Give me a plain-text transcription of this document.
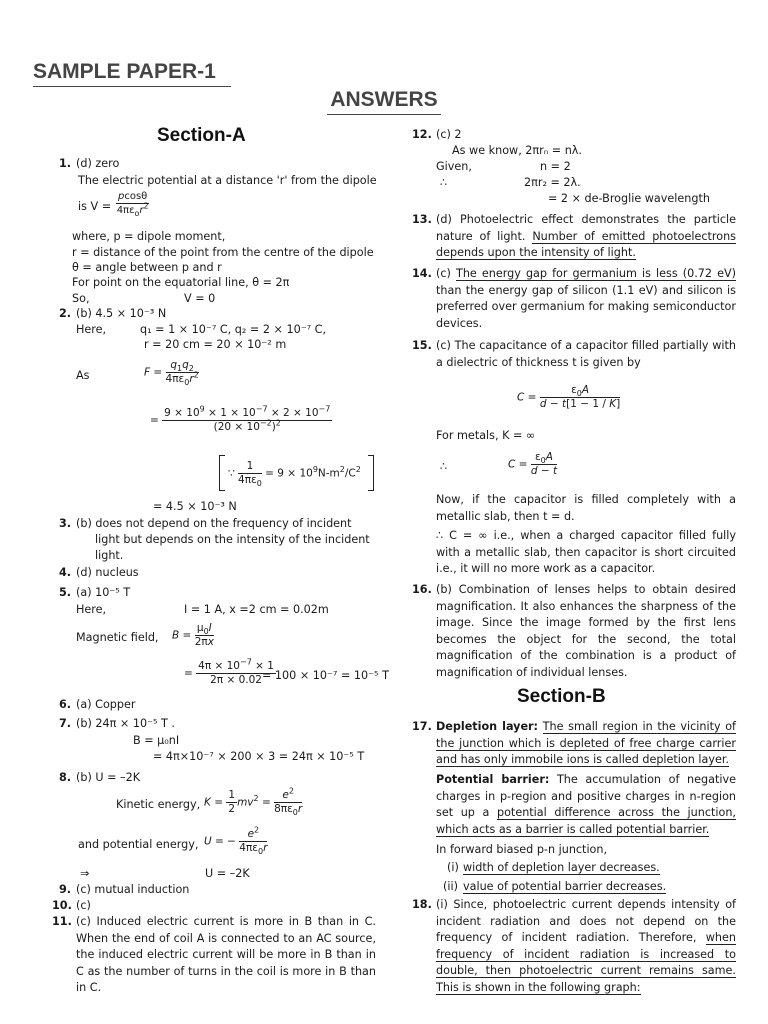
SAMPLE PAPER-1
ANSWERS
Section-A
1. (d) zero
The electric potential at a distance 'r' from the dipole
is V =
pcosθ
$4\pi\varepsilon_or^2$
where, p = dipole moment,
r = distance of the point from the centre of the dipole
θ = angle between p and r
For point on the equatorial line, θ = 2π
So,	V = 0
2. (b) 4.5 × 10⁻³ N
Here,	q₁ = 1 × 10⁻⁷ C, q₂ = 2 × 10⁻⁷ C,
r = 20 cm = 20 × 10⁻² m
As	$F = \frac{q_1q_2}{4\pi\varepsilon_0r^2}$
= $\frac{9 \times 10^9 \times 1 \times 10^{-7} \times 2 \times 10^{-7}}{(20 \times 10^{-2})^2}$
∵ $\frac{1}{4\pi\varepsilon_0} = 9 \times 10^9N-m^2/C^2$
= 4.5 × 10⁻³ N
3. (b) does not depend on the frequency of incident
light but depends on the intensity of the incident
light.
4. (d) nucleus
5. (a) 10⁻⁵ T
Here,	I = 1 A, x =2 cm = 0.02m
Magnetic field, $B = \frac{\mu_0I}{2\pi x}$
= $\frac{4\pi \times 10^{-7} \times 1}{2\pi \times 0.02}$
= 100 × 10⁻⁷ = 10⁻⁵ T
6. (a) Copper
7. (b) 24π × 10⁻⁵ T .
B = μ₀nI
= 4π×10⁻⁷ × 200 × 3 = 24π × 10⁻⁵ T
8. (b) U = –2K
Kinetic energy, $K = \frac{1}{2} mv^2 = \frac{e^2}{8\pi\varepsilon_0r}$
and potential energy, U = − $\frac{e^2}{4\pi\varepsilon_0r}$
⇒	U = –2K
9. (c) mutual induction
10. (c)
11. (c) Induced electric current is more in B than in C. When the end of coil A is connected to an AC source, the induced electric current will be more in B than in C as the number of turns in the coil is more in B than in C.
12. (c) 2
As we know, 2πrₙ = nλ.
Given,	n = 2
∴	2πr₂ = 2λ.
= 2 × de-Broglie wavelength
13. (d) Photoelectric effect demonstrates the particle nature of light. Number of emitted photoelectrons depends upon the intensity of light.
14. (c) The energy gap for germanium is less (0.72 eV) than the energy gap of silicon (1.1 eV) and silicon is preferred over germanium for making semiconductor devices.
15. (c) The capacitance of a capacitor filled partially with a dielectric of thickness t is given by
$C = \frac{\varepsilon_0A}{d - t[1 - 1 / K]}$
For metals, K = ∞
∴	$C = \frac{\varepsilon_0A}{d - t}$
Now, if the capacitor is filled completely with a metallic slab, then t = d.
∴ C = ∞ i.e., when a charged capacitor filled fully with a metallic slab, then capacitor is short circuited i.e., it will no more work as a capacitor.
16. (b) Combination of lenses helps to obtain desired magnification. It also enhances the sharpness of the image. Since the image formed by the first lens becomes the object for the second, the total magnification of the combination is a product of magnification of individual lenses.
Section-B
17. Depletion layer: The small region in the vicinity of the junction which is depleted of free charge carrier and has only immobile ions is called depletion layer.
Potential barrier: The accumulation of negative charges in p-region and positive charges in n-region set up a potential difference across the junction, which acts as a barrier is called potential barrier.
In forward biased p-n junction,
(i) width of depletion layer decreases.
(ii) value of potential barrier decreases.
18. (i) Since, photoelectric current depends intensity of incident radiation and does not depend on the frequency of incident radiation. Therefore, when frequency of incident radiation is increased to double, then photoelectric current remains same. This is shown in the following graph:
